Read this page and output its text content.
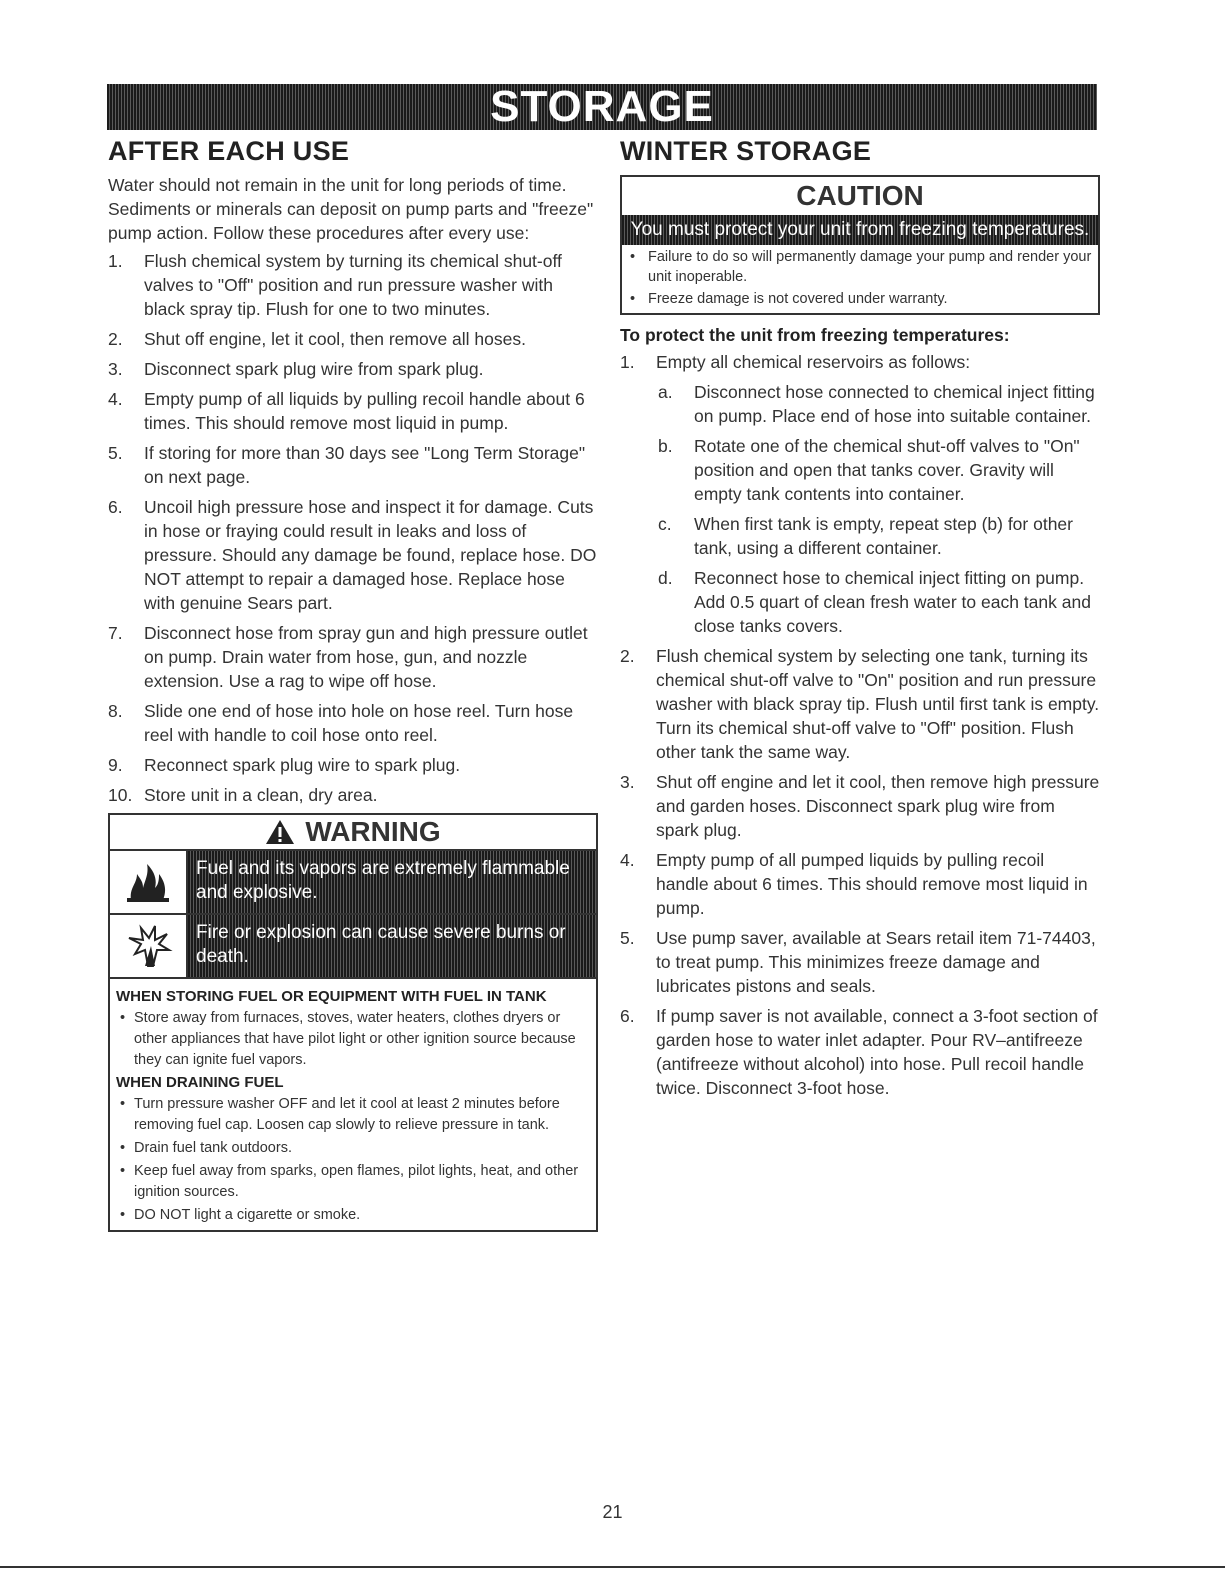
STORAGE
AFTER EACH USE

Water should not remain in the unit for long periods of time. Sediments or minerals can deposit on pump parts and "freeze" pump action. Follow these procedures after every use:

1. Flush chemical system by turning its chemical shut-off valves to "Off" position and run pressure washer with black spray tip. Flush for one to two minutes.
2. Shut off engine, let it cool, then remove all hoses.
3. Disconnect spark plug wire from spark plug.
4. Empty pump of all liquids by pulling recoil handle about 6 times. This should remove most liquid in pump.
5. If storing for more than 30 days see "Long Term Storage" on next page.
6. Uncoil high pressure hose and inspect it for damage. Cuts in hose or fraying could result in leaks and loss of pressure. Should any damage be found, replace hose. DO NOT attempt to repair a damaged hose. Replace hose with genuine Sears part.
7. Disconnect hose from spray gun and high pressure outlet on pump. Drain water from hose, gun, and nozzle extension. Use a rag to wipe off hose.
8. Slide one end of hose into hole on hose reel. Turn hose reel with handle to coil hose onto reel.
9. Reconnect spark plug wire to spark plug.
10. Store unit in a clean, dry area.
WARNING
Fuel and its vapors are extremely flammable and explosive.
Fire or explosion can cause severe burns or death.
WHEN STORING FUEL OR EQUIPMENT WITH FUEL IN TANK
• Store away from furnaces, stoves, water heaters, clothes dryers or other appliances that have pilot light or other ignition source because they can ignite fuel vapors.
WHEN DRAINING FUEL
• Turn pressure washer OFF and let it cool at least 2 minutes before removing fuel cap. Loosen cap slowly to relieve pressure in tank.
• Drain fuel tank outdoors.
• Keep fuel away from sparks, open flames, pilot lights, heat, and other ignition sources.
• DO NOT light a cigarette or smoke.
WINTER STORAGE
CAUTION
You must protect your unit from freezing temperatures.
• Failure to do so will permanently damage your pump and render your unit inoperable.
• Freeze damage is not covered under warranty.
To protect the unit from freezing temperatures:
1. Empty all chemical reservoirs as follows:
a. Disconnect hose connected to chemical inject fitting on pump. Place end of hose into suitable container.
b. Rotate one of the chemical shut-off valves to "On" position and open that tanks cover. Gravity will empty tank contents into container.
c. When first tank is empty, repeat step (b) for other tank, using a different container.
d. Reconnect hose to chemical inject fitting on pump. Add 0.5 quart of clean fresh water to each tank and close tanks covers.
2. Flush chemical system by selecting one tank, turning its chemical shut-off valve to "On" position and run pressure washer with black spray tip. Flush until first tank is empty. Turn its chemical shut-off valve to "Off" position. Flush other tank the same way.
3. Shut off engine and let it cool, then remove high pressure and garden hoses. Disconnect spark plug wire from spark plug.
4. Empty pump of all pumped liquids by pulling recoil handle about 6 times. This should remove most liquid in pump.
5. Use pump saver, available at Sears retail item 71-74403, to treat pump. This minimizes freeze damage and lubricates pistons and seals.
6. If pump saver is not available, connect a 3-foot section of garden hose to water inlet adapter. Pour RV–antifreeze (antifreeze without alcohol) into hose. Pull recoil handle twice. Disconnect 3-foot hose.
21
